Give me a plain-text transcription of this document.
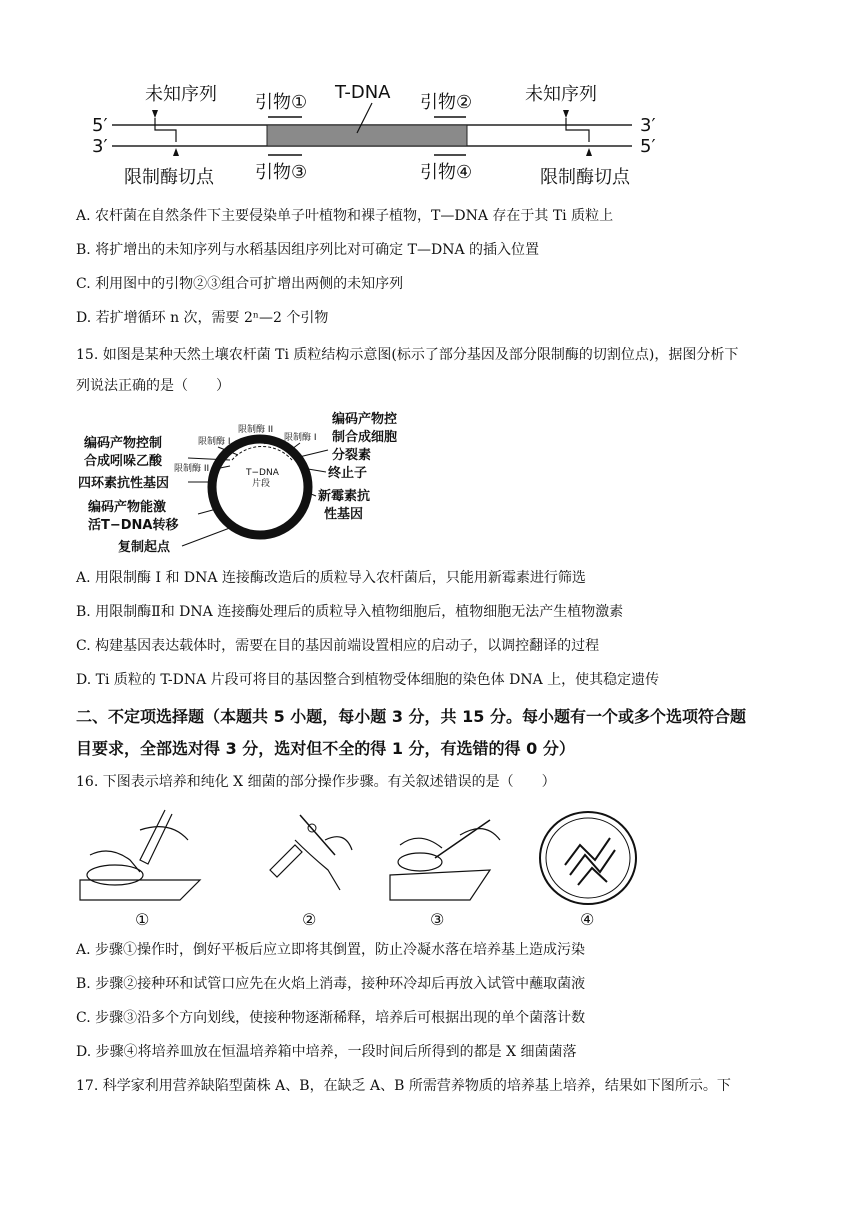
5′
3′
3′
5′
T-DNA
引物①	引物②
引物③	引物④
未知序列
限制酶切点
未知序列
限制酶切点
A. 农杆菌在自然条件下主要侵染单子叶植物和裸子植物，T—DNA 存在于其 Ti 质粒上
B. 将扩增出的未知序列与水稻基因组序列比对可确定 T—DNA 的插入位置
C. 利用图中的引物②③组合可扩增出两侧的未知序列
D. 若扩增循环 n 次，需要 2ⁿ—2 个引物
15. 如图是某种天然土壤农杆菌 Ti 质粒结构示意图(标示了部分基因及部分限制酶的切割位点)，据图分析下
列说法正确的是（　　）
T−DNA
片段
编码产物控制
合成吲哚乙酸
限制酶 I
限制酶 II
限制酶 II
限制酶 I
四环素抗性基因
编码产物能激
活T−DNA转移
复制起点
编码产物控
制合成细胞
分裂素
终止子
新霉素抗
性基因
A. 用限制酶 I 和 DNA 连接酶改造后的质粒导入农杆菌后，只能用新霉素进行筛选
B. 用限制酶Ⅱ和 DNA 连接酶处理后的质粒导入植物细胞后，植物细胞无法产生植物激素
C. 构建基因表达载体时，需要在目的基因前端设置相应的启动子，以调控翻译的过程
D. Ti 质粒的 T-DNA 片段可将目的基因整合到植物受体细胞的染色体 DNA 上，使其稳定遗传
二、不定项选择题（本题共 5 小题，每小题 3 分，共 15 分。每小题有一个或多个选项符合题
目要求，全部选对得 3 分，选对但不全的得 1 分，有选错的得 0 分）
16. 下图表示培养和纯化 X 细菌的部分操作步骤。有关叙述错误的是（　　）
①	②	③	④
A. 步骤①操作时，倒好平板后应立即将其倒置，防止冷凝水落在培养基上造成污染
B. 步骤②接种环和试管口应先在火焰上消毒，接种环冷却后再放入试管中蘸取菌液
C. 步骤③沿多个方向划线，使接种物逐渐稀释，培养后可根据出现的单个菌落计数
D. 步骤④将培养皿放在恒温培养箱中培养，一段时间后所得到的都是 X 细菌菌落
17. 科学家利用营养缺陷型菌株 A、B，在缺乏 A、B 所需营养物质的培养基上培养，结果如下图所示。下
